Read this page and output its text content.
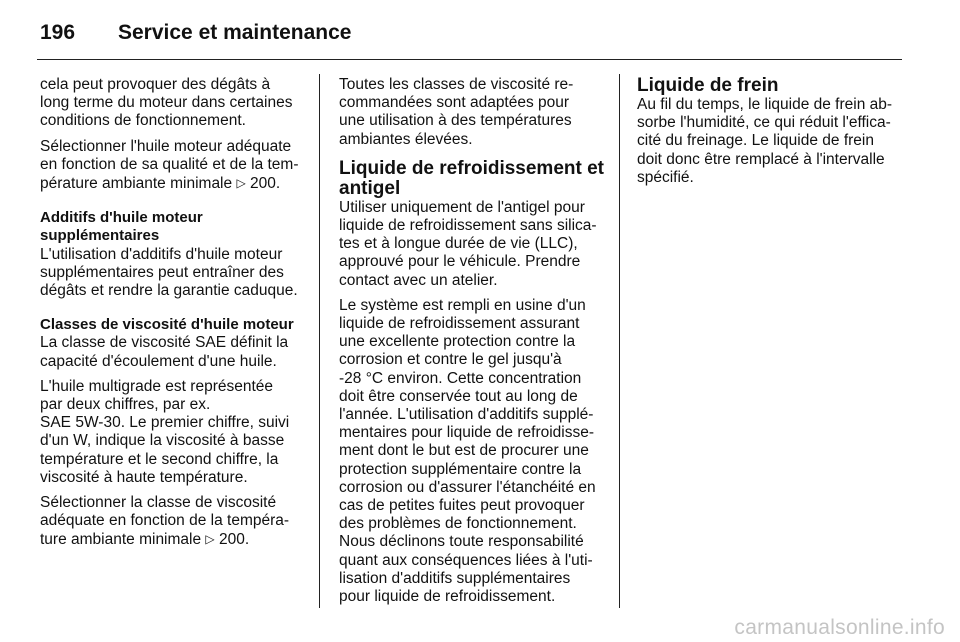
196 Service et maintenance

cela peut provoquer des dégâts à
long terme du moteur dans certaines
conditions de fonctionnement.

Sélectionner l'huile moteur adéquate
en fonction de sa qualité et de la tem‐
pérature ambiante minimale ▷ 200.

Additifs d'huile moteur
supplémentaires

L'utilisation d'additifs d'huile moteur
supplémentaires peut entraîner des
dégâts et rendre la garantie caduque.

Classes de viscosité d'huile moteur

La classe de viscosité SAE définit la
capacité d'écoulement d'une huile.

L'huile multigrade est représentée
par deux chiffres, par ex.
SAE 5W-30. Le premier chiffre, suivi
d'un W, indique la viscosité à basse
température et le second chiffre, la
viscosité à haute température.

Sélectionner la classe de viscosité
adéquate en fonction de la tempéra‐
ture ambiante minimale ▷ 200.

Toutes les classes de viscosité re‐
commandées sont adaptées pour
une utilisation à des températures
ambiantes élevées.

Liquide de refroidissement et
antigel

Utiliser uniquement de l'antigel pour
liquide de refroidissement sans silica‐
tes et à longue durée de vie (LLC),
approuvé pour le véhicule. Prendre
contact avec un atelier.

Le système est rempli en usine d'un
liquide de refroidissement assurant
une excellente protection contre la
corrosion et contre le gel jusqu'à
-28 °C environ. Cette concentration
doit être conservée tout au long de
l'année. L'utilisation d'additifs supplé‐
mentaires pour liquide de refroidisse‐
ment dont le but est de procurer une
protection supplémentaire contre la
corrosion ou d'assurer l'étanchéité en
cas de petites fuites peut provoquer
des problèmes de fonctionnement.
Nous déclinons toute responsabilité
quant aux conséquences liées à l'uti‐
lisation d'additifs supplémentaires
pour liquide de refroidissement.

Liquide de frein

Au fil du temps, le liquide de frein ab‐
sorbe l'humidité, ce qui réduit l'effica‐
cité du freinage. Le liquide de frein
doit donc être remplacé à l'intervalle
spécifié.

carmanualsonline.info
